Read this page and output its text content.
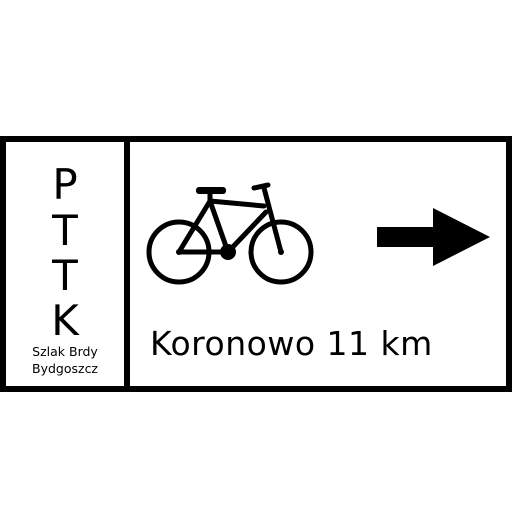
P
T
T
K
Szlak Brdy
Bydgoszcz
Koronowo 11 km
